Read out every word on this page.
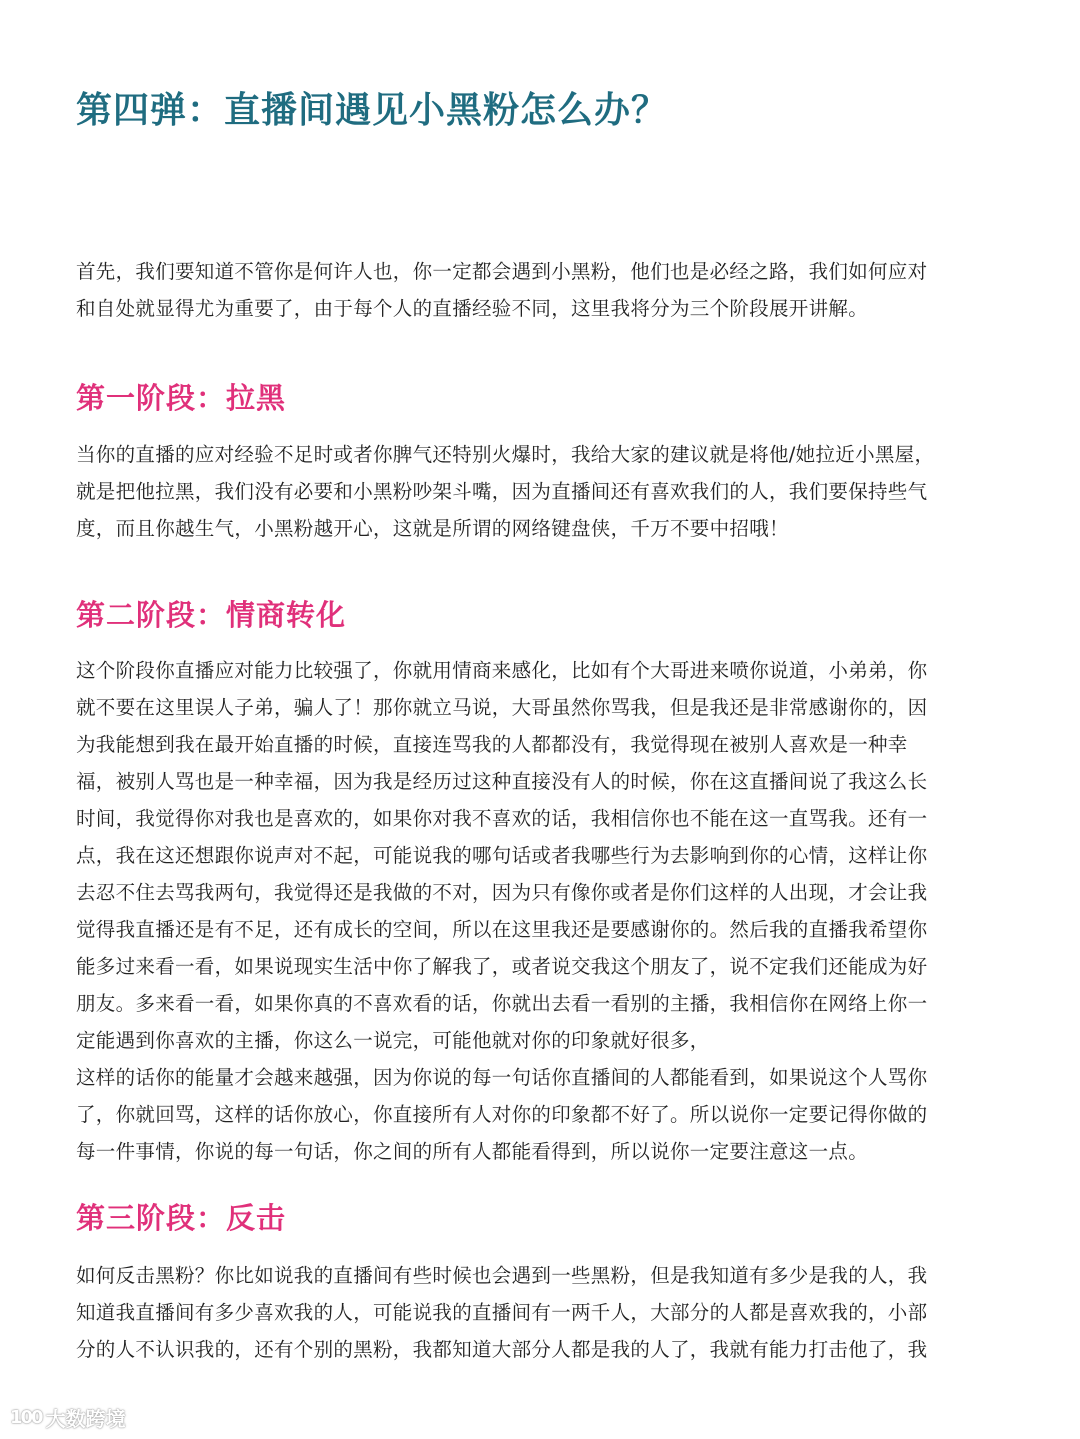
第四弹：直播间遇见小黑粉怎么办？
首先，我们要知道不管你是何许人也，你一定都会遇到小黑粉，他们也是必经之路，我们如何应对
和自处就显得尤为重要了，由于每个人的直播经验不同，这里我将分为三个阶段展开讲解。
第一阶段：拉黑
当你的直播的应对经验不足时或者你脾气还特别火爆时，我给大家的建议就是将他/她拉近小黑屋，
就是把他拉黑，我们没有必要和小黑粉吵架斗嘴，因为直播间还有喜欢我们的人，我们要保持些气
度，而且你越生气，小黑粉越开心，这就是所谓的网络键盘侠，千万不要中招哦！
第二阶段：情商转化
这个阶段你直播应对能力比较强了，你就用情商来感化，比如有个大哥进来喷你说道，小弟弟，你
就不要在这里误人子弟，骗人了！那你就立马说，大哥虽然你骂我，但是我还是非常感谢你的，因
为我能想到我在最开始直播的时候，直接连骂我的人都都没有，我觉得现在被别人喜欢是一种幸
福，被别人骂也是一种幸福，因为我是经历过这种直接没有人的时候，你在这直播间说了我这么长
时间，我觉得你对我也是喜欢的，如果你对我不喜欢的话，我相信你也不能在这一直骂我。还有一
点，我在这还想跟你说声对不起，可能说我的哪句话或者我哪些行为去影响到你的心情，这样让你
去忍不住去骂我两句，我觉得还是我做的不对，因为只有像你或者是你们这样的人出现，才会让我
觉得我直播还是有不足，还有成长的空间，所以在这里我还是要感谢你的。然后我的直播我希望你
能多过来看一看，如果说现实生活中你了解我了，或者说交我这个朋友了，说不定我们还能成为好
朋友。多来看一看，如果你真的不喜欢看的话，你就出去看一看别的主播，我相信你在网络上你一
定能遇到你喜欢的主播，你这么一说完，可能他就对你的印象就好很多，
这样的话你的能量才会越来越强，因为你说的每一句话你直播间的人都能看到，如果说这个人骂你
了，你就回骂，这样的话你放心，你直接所有人对你的印象都不好了。所以说你一定要记得你做的
每一件事情，你说的每一句话，你之间的所有人都能看得到，所以说你一定要注意这一点。
第三阶段：反击
如何反击黑粉？你比如说我的直播间有些时候也会遇到一些黑粉，但是我知道有多少是我的人，我
知道我直播间有多少喜欢我的人，可能说我的直播间有一两千人，大部分的人都是喜欢我的，小部
分的人不认识我的，还有个别的黑粉，我都知道大部分人都是我的人了，我就有能力打击他了，我
100 大数跨境
